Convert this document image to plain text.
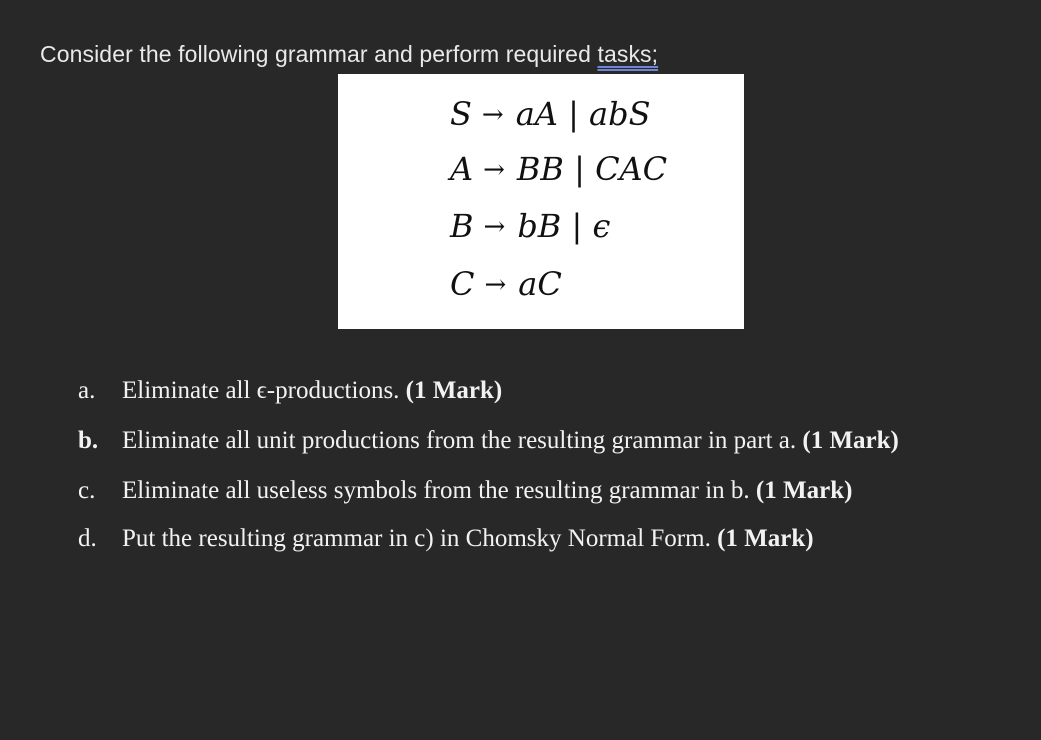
Consider the following grammar and perform required tasks;
S → aA | abS
A → BB | CAC
B → bB | ϵ
C → aC
a.	Eliminate all ϵ-productions. (1 Mark)
b. Eliminate all unit productions from the resulting grammar in part a. (1 Mark)
c.	Eliminate all useless symbols from the resulting grammar in b. (1 Mark)
d.	Put the resulting grammar in c) in Chomsky Normal Form. (1 Mark)
